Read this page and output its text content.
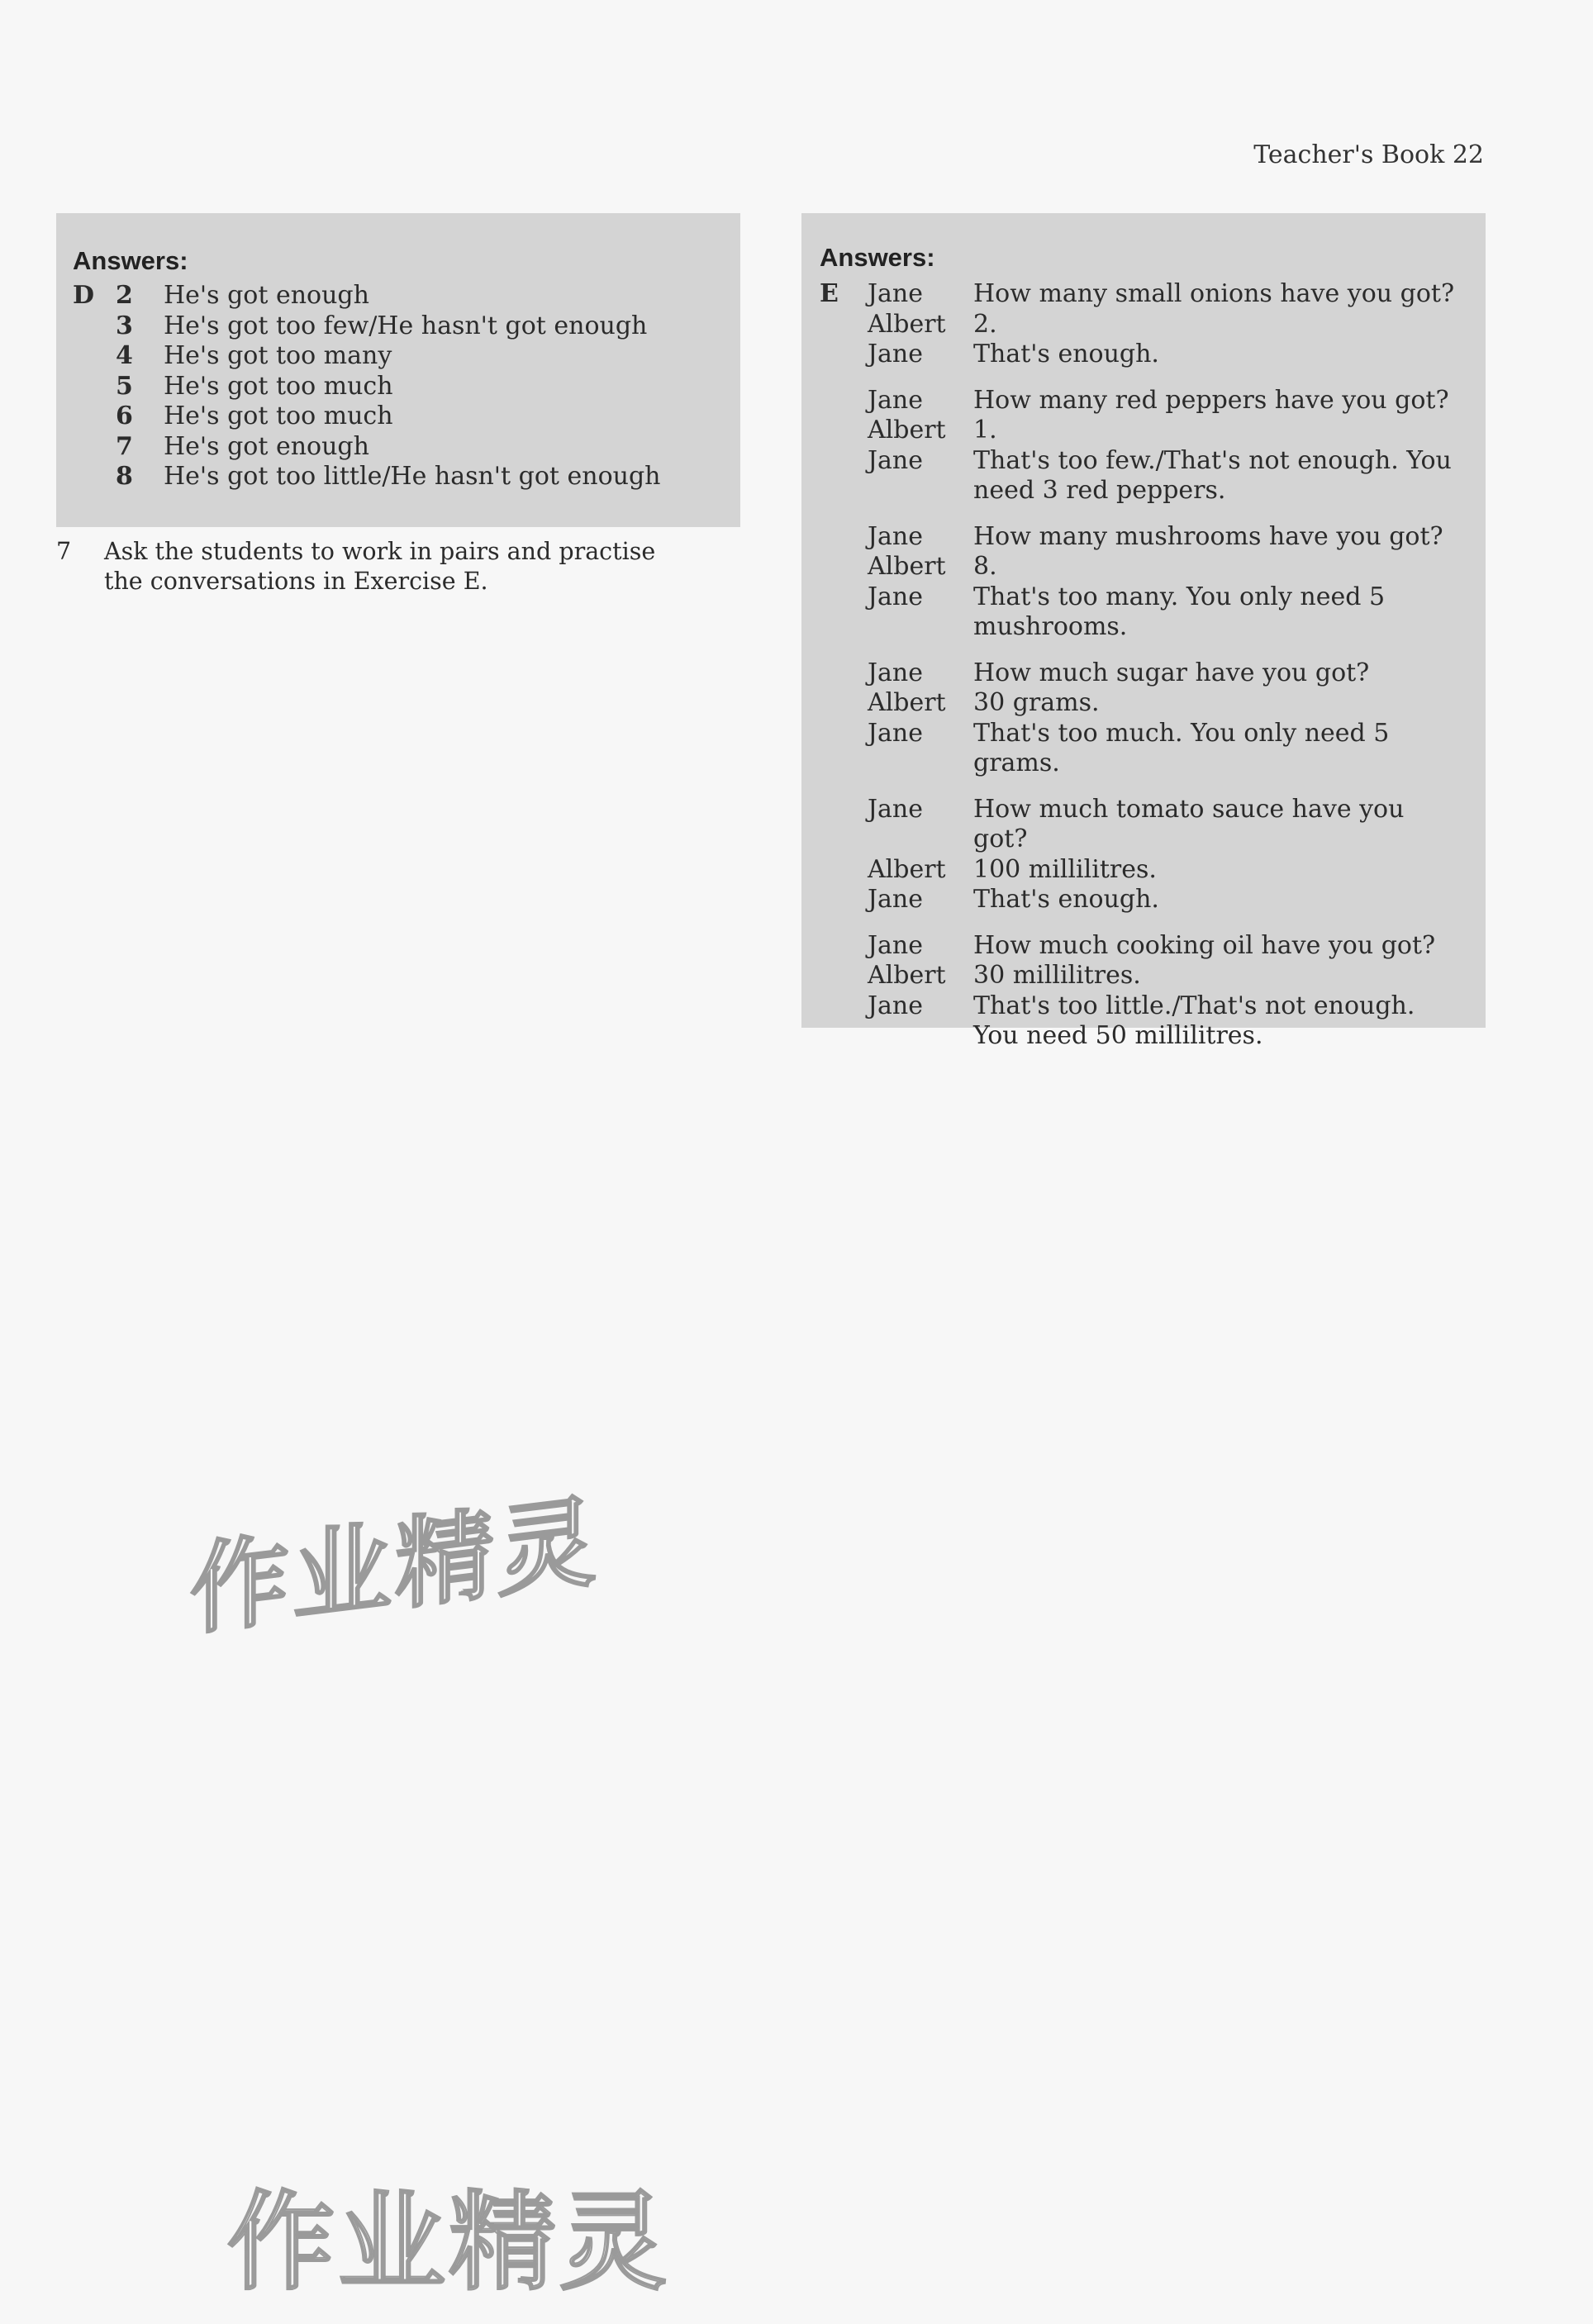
Teacher's Book 22
Answers:
D 2	He's got enough
3	He's got too few/He hasn't got enough
4	He's got too many
5	He's got too much
6	He's got too much
7	He's got enough
8	He's got too little/He hasn't got enough
7	Ask the students to work in pairs and practise the conversations in Exercise E.
Answers:
E Jane	How many small onions have you got?
Albert	2.
Jane	That's enough.
Jane	How many red peppers have you got?
Albert	1.
Jane	That's too few./That's not enough. You need 3 red peppers.
Jane	How many mushrooms have you got?
Albert	8.
Jane	That's too many. You only need 5 mushrooms.
Jane	How much sugar have you got?
Albert	30 grams.
Jane	That's too much. You only need 5 grams.
Jane	How much tomato sauce have you got?
Albert	100 millilitres.
Jane	That's enough.
Jane	How much cooking oil have you got?
Albert	30 millilitres.
Jane	That's too little./That's not enough. You need 50 millilitres.
作业精灵
作业精灵
